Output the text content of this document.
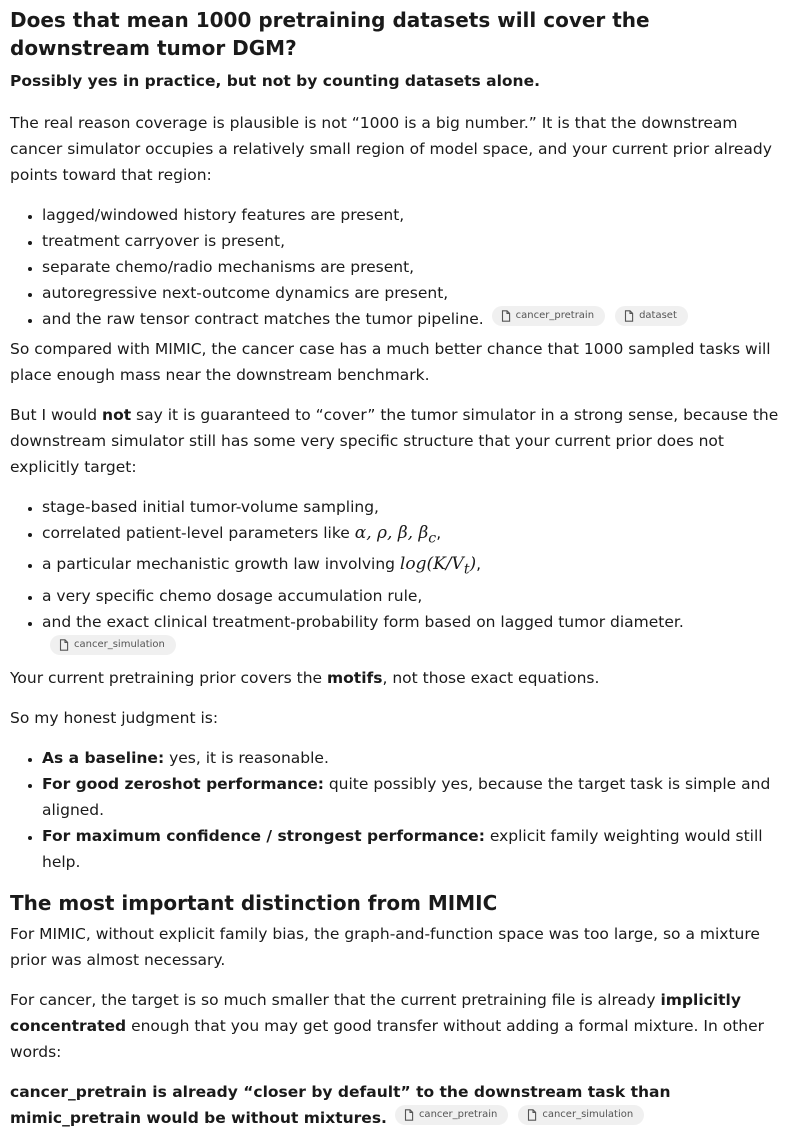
Does that mean 1000 pretraining datasets will cover the downstream tumor DGM?

Possibly yes in practice, but not by counting datasets alone.

The real reason coverage is plausible is not “1000 is a big number.” It is that the downstream cancer simulator occupies a relatively small region of model space, and your current prior already points toward that region:

• lagged/windowed history features are present,
• treatment carryover is present,
• separate chemo/radio mechanisms are present,
• autoregressive next-outcome dynamics are present,
• and the raw tensor contract matches the tumor pipeline.	cancer_pretrain	dataset

So compared with MIMIC, the cancer case has a much better chance that 1000 sampled tasks will place enough mass near the downstream benchmark.

But I would not say it is guaranteed to “cover” the tumor simulator in a strong sense, because the downstream simulator still has some very specific structure that your current prior does not explicitly target:

• stage-based initial tumor-volume sampling,
• correlated patient-level parameters like α, ρ, β, $\beta_c$,
• a particular mechanistic growth law involving $\log(K/V_t)$,
• a very specific chemo dosage accumulation rule,
• and the exact clinical treatment-probability form based on lagged tumor diameter.
cancer_simulation

Your current pretraining prior covers the motifs, not those exact equations.

So my honest judgment is:

• As a baseline: yes, it is reasonable.
• For good zeroshot performance: quite possibly yes, because the target task is simple and aligned.
• For maximum confidence / strongest performance: explicit family weighting would still help.
The most important distinction from MIMIC

For MIMIC, without explicit family bias, the graph-and-function space was too large, so a mixture prior was almost necessary.

For cancer, the target is so much smaller that the current pretraining file is already implicitly concentrated enough that you may get good transfer without adding a formal mixture. In other words:

cancer_pretrain is already “closer by default” to the downstream task than mimic_pretrain would be without mixtures.	cancer_pretrain	cancer_simulation
